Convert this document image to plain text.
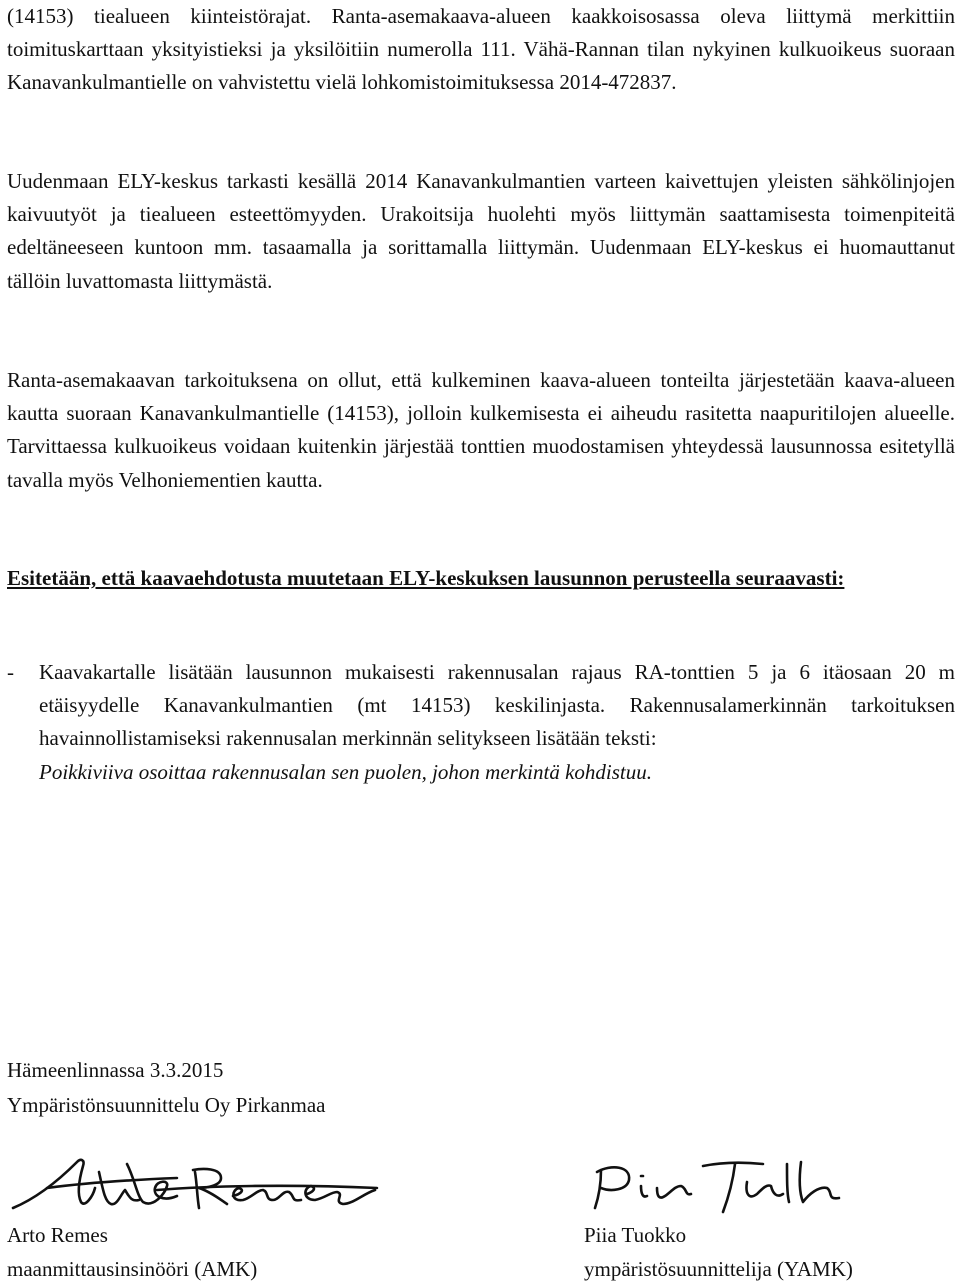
(14153) tiealueen kiinteistörajat. Ranta-asemakaava-alueen kaakkoisosassa oleva liittymä merkittiin toimituskarttaan yksityistieksi ja yksilöitiin numerolla 111. Vähä-Rannan tilan nykyinen kulkuoikeus suoraan Kanavankulmantielle on vahvistettu vielä lohkomistoimituksessa 2014-472837.

Uudenmaan ELY-keskus tarkasti kesällä 2014 Kanavankulmantien varteen kaivettujen yleisten sähkölinjojen kaivuutyöt ja tiealueen esteettömyyden. Urakoitsija huolehti myös liittymän saattamisesta toimenpiteitä edeltäneeseen kuntoon mm. tasaamalla ja sorittamalla liittymän. Uudenmaan ELY-keskus ei huomauttanut tällöin luvattomasta liittymästä.

Ranta-asemakaavan tarkoituksena on ollut, että kulkeminen kaava-alueen tonteilta järjestetään kaava-alueen kautta suoraan Kanavankulmantielle (14153), jolloin kulkemisesta ei aiheudu rasitetta naapuritilojen alueelle. Tarvittaessa kulkuoikeus voidaan kuitenkin järjestää tonttien muodostamisen yhteydessä lausunnossa esitetyllä tavalla myös Velhoniementien kautta.

Esitetään, että kaavaehdotusta muutetaan ELY-keskuksen lausunnon perusteella seuraavasti:

-	Kaavakartalle lisätään lausunnon mukaisesti rakennusalan rajaus RA-tonttien 5 ja 6 itäosaan 20 m etäisyydelle Kanavankulmantien (mt 14153) keskilinjasta. Rakennusalamerkinnän tarkoituksen havainnollistamiseksi rakennusalan merkinnän selitykseen lisätään teksti:
Poikkiviiva osoittaa rakennusalan sen puolen, johon merkintä kohdistuu.

Hämeenlinnassa 3.3.2015
Ympäristönsuunnittelu Oy Pirkanmaa
Arto Remes
maanmittausinsinööri (AMK)
Piia Tuokko
ympäristösuunnittelija (YAMK)
